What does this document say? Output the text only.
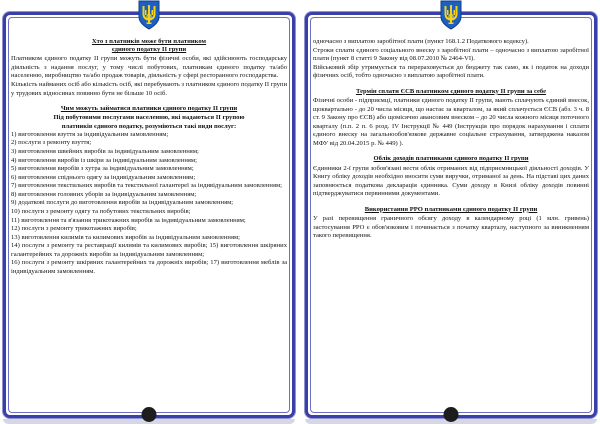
Хто з платників може бути платником
єдиного податку II групи

Платником єдиного податку II групи можуть бути фізичні особи, які здійснюють господарську діяльність з надання послуг, у тому числі побутових, платникам єдиного податку та/або населенню, виробництво та/або продаж товарів, діяльність у сфері ресторанного господарства.

Кількість найманих осіб або кількість осіб, які перебувають з платником єдиного податку II групи у трудових відносинах повинно бути не більше 10 осіб.

Чим можуть займатися платники єдиного податку II групи
Під побутовими послугами населенню, які надаються II групою
платників єдиного податку, розуміються такі види послуг:
1) виготовлення взуття за індивідуальним замовленням;
2) послуги з ремонту взуття;
3) виготовлення швейних виробів за індивідуальним замовленням;
4) виготовлення виробів із шкіри за індивідуальним замовленням;
5) виготовлення виробів з хутра за індивідуальним замовленням;
6) виготовлення спіднього одягу за індивідуальним замовленням;
7) виготовлення текстильних виробів та текстильної галантереї за індивідуальним замовленням;
8) виготовлення головних уборів за індивідуальним замовленням;
9) додаткові послуги до виготовлення виробів за індивідуальним замовленням;
10) послуги з ремонту одягу та побутових текстильних виробів;
11) виготовлення та в'язання трикотажних виробів за індивідуальним замовленням;
12) послуги з ремонту трикотажних виробів;
13) виготовлення килимів та килимових виробів за індивідуальним замовленням;
14) послуги з ремонту та реставрації килимів та килимових виробів; 15) виготовлення шкіряних галантерейних та дорожніх виробів за індивідуальним замовленням;
16) послуги з ремонту шкіряних галантерейних та дорожніх виробів; 17) виготовлення меблів за індивідуальним замовленням.

одночасно з виплатою заробітної плати (пункт 168.1.2 Податкового кодексу).

Строки сплати єдиного соціального внеску з заробітної плати – одночасно з виплатою заробітної плати (пункт 8 статті 9 Закону від 08.07.2010 № 2464-VI).

Військовий збір утримується та перераховується до бюджету так само, як і податок на доходи фізичних осіб, тобто одночасно з виплатою заробітної плати.

Термін сплати ЄСВ платником єдиного податку II групи за себе

Фізичні особи - підприємці, платники єдиного податку II групи, мають сплачують єдиний внесок, щоквартально - до 20 числа місяця, що настає за кварталом, за який сплачується ЄСВ (абз. 3 ч. 8 ст. 9 Закону про ЄСВ) або щомісячно авансовим внеском – до 20 числа кожного місяця поточного кварталу (п.п. 2 п. 6 розд. IV Інструкції № 449 (Інструкція про порядок нарахування і сплати єдиного внеску на загальнообов'язкове державне соціальне страхування, затверджена наказом МФУ від 20.04.2015 р. № 449) ).

Облік доходів платниками єдиного податку II групи

Єдинники 2-ї групи зобов'язані вести облік отриманих від підприємницької діяльності доходів. У Книгу обліку доходів необхідно вносити суми виручки, отриманої за день. На підставі цих даних заповнюється податкова декларація єдинника. Суми доходу в Книзі обліку доходів повинні підтверджуватися первинними документами.

Використання РРО платниками єдиного податку II групи

У разі перевищення граничного обсягу доходу в календарному році (1 млн. гривень) застосування РРО є обов'язковим і починається з початку кварталу, наступного за виникненням такого перевищення.
